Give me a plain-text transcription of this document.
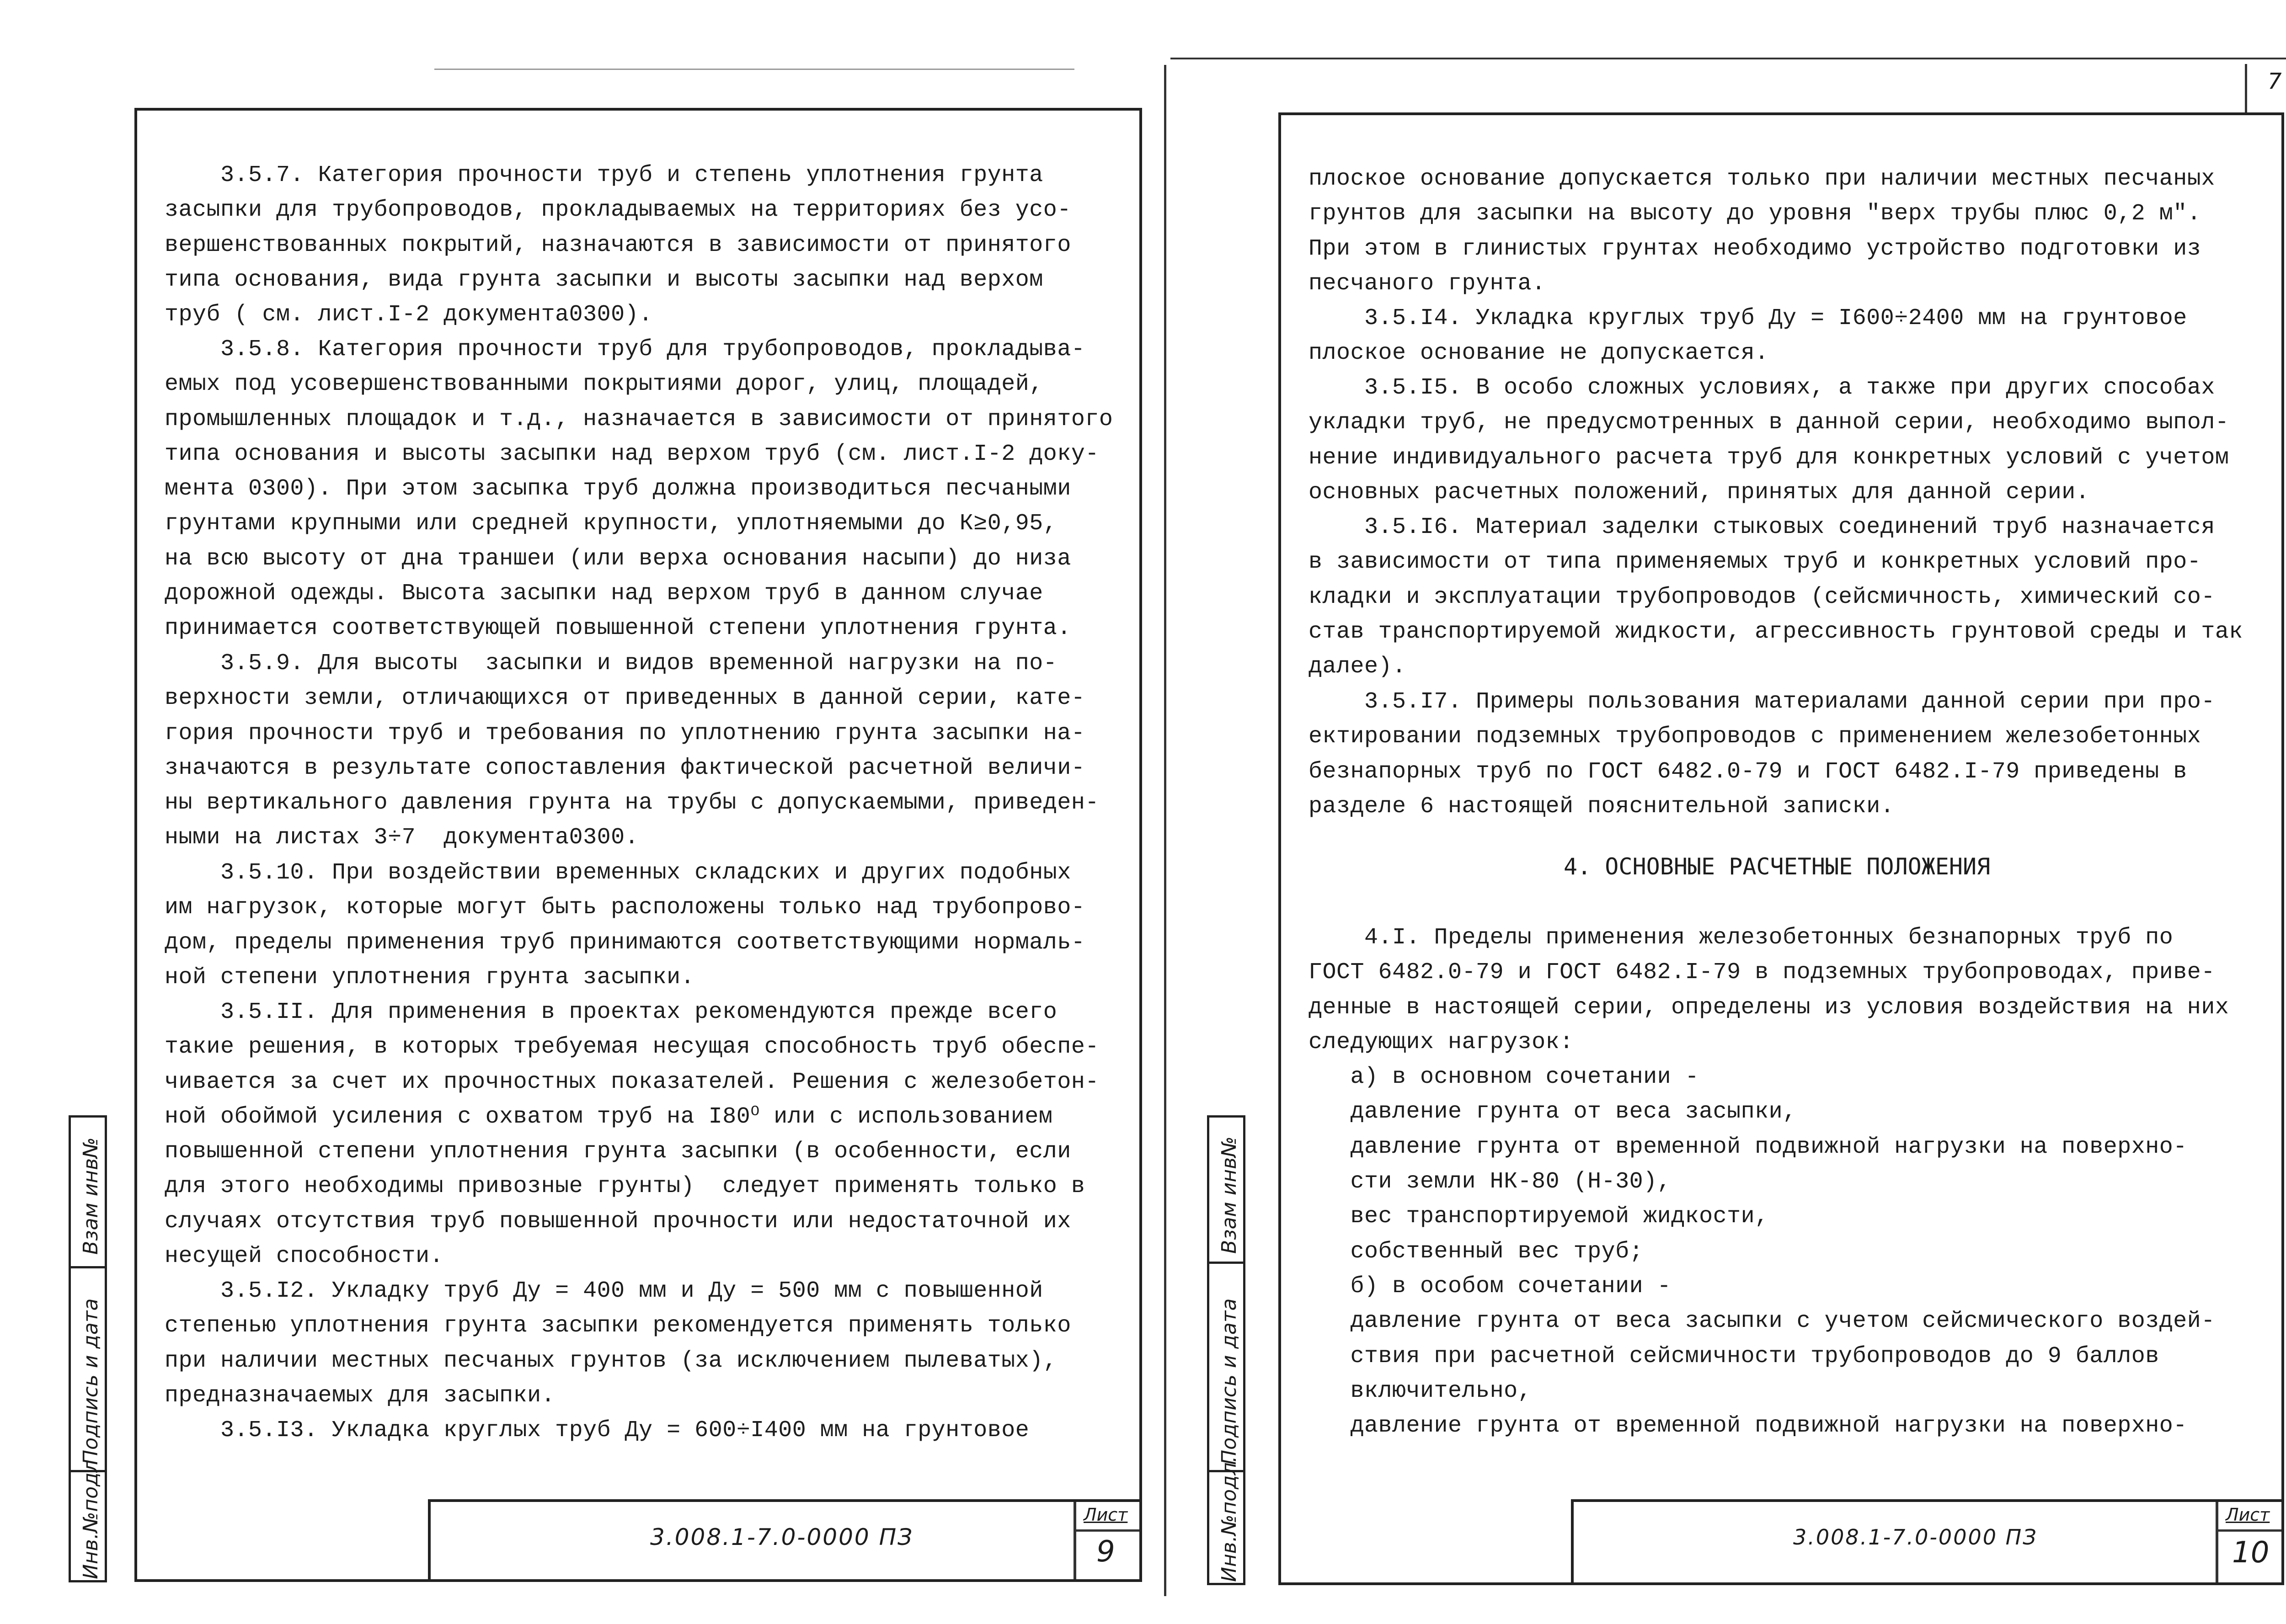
3.5.7. Категория прочности труб и степень уплотнения грунта
засыпки для трубопроводов, прокладываемых на территориях без усо-
вершенствованных покрытий, назначаются в зависимости от принятого
типа основания, вида грунта засыпки и высоты засыпки над верхом
труб ( см. лист.I-2 документа0300).
3.5.8. Категория прочности труб для трубопроводов, прокладыва-
емых под усовершенствованными покрытиями дорог, улиц, площадей,
промышленных площадок и т.д., назначается в зависимости от принятого
типа основания и высоты засыпки над верхом труб (см. лист.I-2 доку-
мента 0300). При этом засыпка труб должна производиться песчаными
грунтами крупными или средней крупности, уплотняемыми до К≥0,95,
на всю высоту от дна траншеи (или верха основания насыпи) до низа
дорожной одежды. Высота засыпки над верхом труб в данном случае
принимается соответствующей повышенной степени уплотнения грунта.
3.5.9. Для высоты  засыпки и видов временной нагрузки на по-
верхности земли, отличающихся от приведенных в данной серии, кате-
гория прочности труб и требования по уплотнению грунта засыпки на-
значаются в результате сопоставления фактической расчетной величи-
ны вертикального давления грунта на трубы с допускаемыми, приведен-
ными на листах 3÷7  документа0300.
3.5.10. При воздействии временных складских и других подобных
им нагрузок, которые могут быть расположены только над трубопрово-
дом, пределы применения труб принимаются соответствующими нормаль-
ной степени уплотнения грунта засыпки.
3.5.II. Для применения в проектах рекомендуются прежде всего
такие решения, в которых требуемая несущая способность труб обеспе-
чивается за счет их прочностных показателей. Решения с железобетон-
ной обоймой усиления с охватом труб на I80⁰ или с использованием
повышенной степени уплотнения грунта засыпки (в особенности, если
для этого необходимы привозные грунты)  следует применять только в
случаях отсутствия труб повышенной прочности или недостаточной их
несущей способности.
3.5.I2. Укладку труб Ду = 400 мм и Ду = 500 мм с повышенной
степенью уплотнения грунта засыпки рекомендуется применять только
при наличии местных песчаных грунтов (за исключением пылеватых),
предназначаемых для засыпки.
3.5.I3. Укладка круглых труб Ду = 600÷I400 мм на грунтовое
3.008.1-7.0-0000 ПЗ
Лист
9
Взам инв№
Подпись и дата
Инв.№подл
7
плоское основание допускается только при наличии местных песчаных
грунтов для засыпки на высоту до уровня "верх трубы плюс 0,2 м".
При этом в глинистых грунтах необходимо устройство подготовки из
песчаного грунта.
3.5.I4. Укладка круглых труб Ду = I600÷2400 мм на грунтовое
плоское основание не допускается.
3.5.I5. В особо сложных условиях, а также при других способах
укладки труб, не предусмотренных в данной серии, необходимо выпол-
нение индивидуального расчета труб для конкретных условий с учетом
основных расчетных положений, принятых для данной серии.
3.5.I6. Материал заделки стыковых соединений труб назначается
в зависимости от типа применяемых труб и конкретных условий про-
кладки и эксплуатации трубопроводов (сейсмичность, химический со-
став транспортируемой жидкости, агрессивность грунтовой среды и так
далее).
3.5.I7. Примеры пользования материалами данной серии при про-
ектировании подземных трубопроводов с применением железобетонных
безнапорных труб по ГОСТ 6482.0-79 и ГОСТ 6482.I-79 приведены в
разделе 6 настоящей пояснительной записки.
4. ОСНОВНЫЕ РАСЧЕТНЫЕ ПОЛОЖЕНИЯ
4.I. Пределы применения железобетонных безнапорных труб по
ГОСТ 6482.0-79 и ГОСТ 6482.I-79 в подземных трубопроводах, приве-
денные в настоящей серии, определены из условия воздействия на них
следующих нагрузок:
а) в основном сочетании -
давление грунта от веса засыпки,
давление грунта от временной подвижной нагрузки на поверхно-
сти земли НК-80 (Н-30),
вес транспортируемой жидкости,
собственный вес труб;
б) в особом сочетании -
давление грунта от веса засыпки с учетом сейсмического воздей-
ствия при расчетной сейсмичности трубопроводов до 9 баллов
включительно,
давление грунта от временной подвижной нагрузки на поверхно-
3.008.1-7.0-0000 ПЗ
Лист
10
Взам инв№
Подпись и дата
Инв.№подл.
